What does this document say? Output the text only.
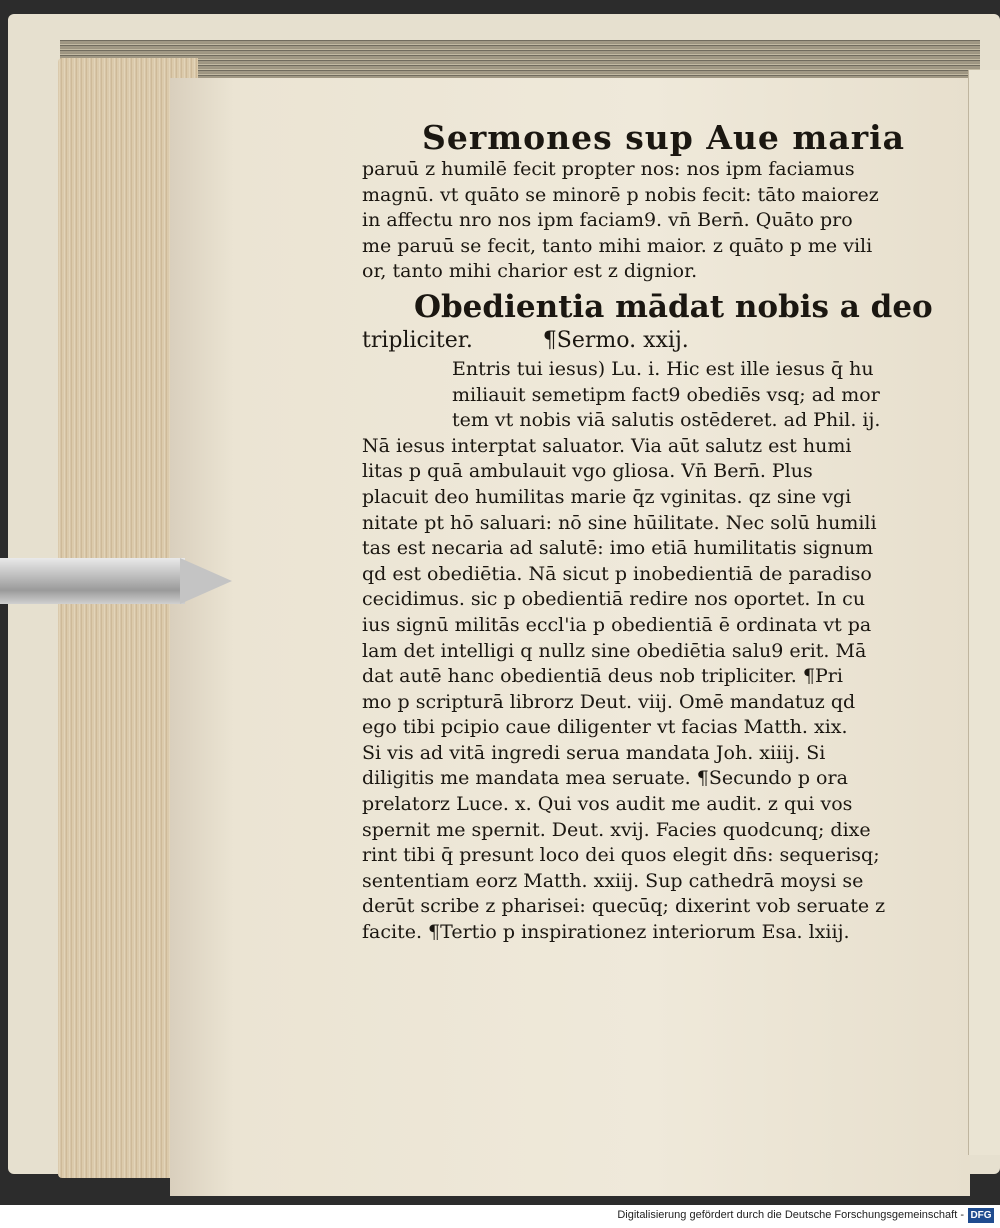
Sermones sup Aue maria

paruū z humilē fecit propter nos: nos ipm faciamus

magnū. vt quāto se minorē p nobis fecit: tāto maiorez

in affectu nro nos ipm faciam9. vn̄ Bern̄. Quāto pro

me paruū se fecit, tanto mihi maior. z quāto p me vili

or, tanto mihi charior est z dignior.

Obedientia mādat nobis a deo

tripliciter.          ¶Sermo. xxij.

Entris tui iesus) Lu. i. Hic est ille iesus q̄ hu

miliauit semetipm fact9 obediēs vsq; ad mor

tem vt nobis viā salutis ostēderet. ad Phil. ij.

Nā iesus interptat saluator. Via aūt salutz est humi

litas p quā ambulauit vgo gliosa. Vn̄ Bern̄. Plus

placuit deo humilitas marie q̄z vginitas. qz sine vgi

nitate pt hō saluari: nō sine hūilitate. Nec solū humili

tas est necaria ad salutē: imo etiā humilitatis signum

qd est obediētia. Nā sicut p inobedientiā de paradiso

cecidimus. sic p obedientiā redire nos oportet. In cu

ius signū militās eccl'ia p obedientiā ē ordinata vt pa

lam det intelligi q nullz sine obediētia salu9 erit. Mā

dat autē hanc obedientiā deus nob tripliciter. ¶Pri

mo p scripturā librorz Deut. viij. Omē mandatuz qd

ego tibi pcipio caue diligenter vt facias Matth. xix.

Si vis ad vitā ingredi serua mandata Joh. xiiij. Si

diligitis me mandata mea seruate. ¶Secundo p ora

prelatorz Luce. x. Qui vos audit me audit. z qui vos

spernit me spernit. Deut. xvij. Facies quodcunq; dixe

rint tibi q̄ presunt loco dei quos elegit dn̄s: sequerisq;

sententiam eorz Matth. xxiij. Sup cathedrā moysi se

derūt scribe z pharisei: quecūq; dixerint vob seruate z

facite. ¶Tertio p inspirationez interiorum Esa. lxiij.

Digitalisierung gefördert durch die Deutsche Forschungsgemeinschaft - DFG
